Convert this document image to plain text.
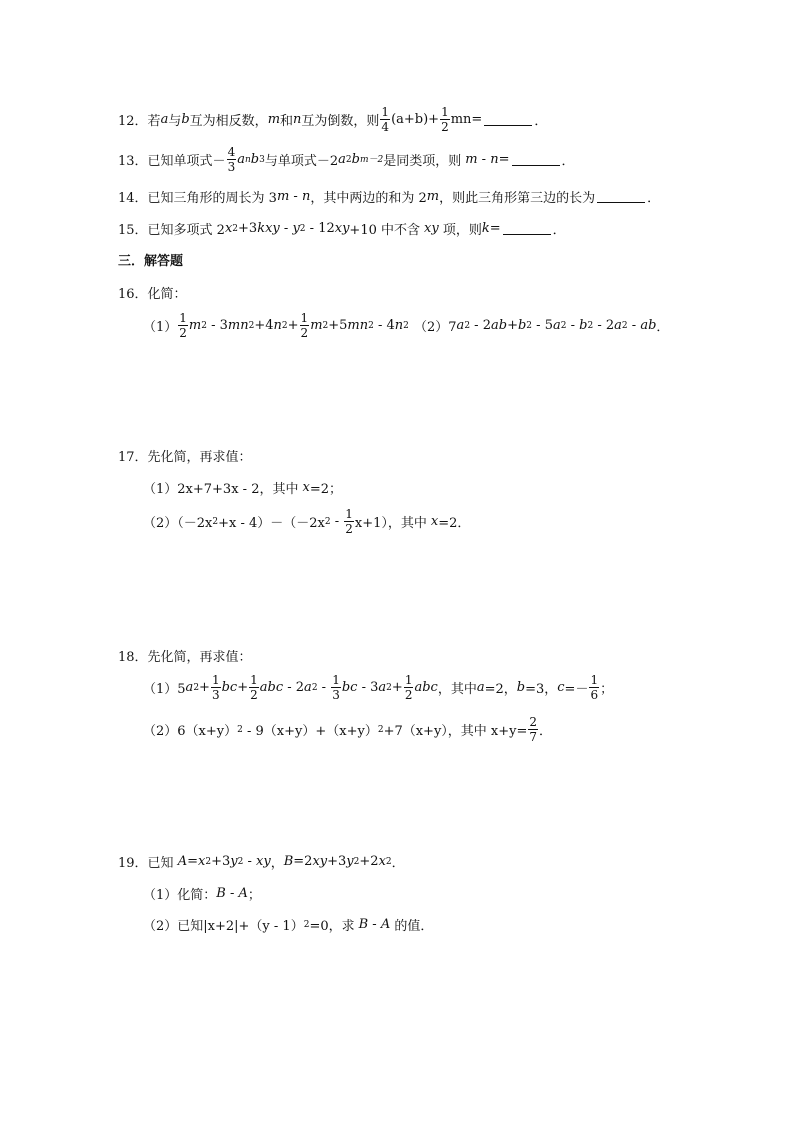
12． 若 a 与 b 互为相反数， m 和 n 互为倒数，则 $\frac{1}{4} (a+b)+ \frac{1}{2} mn=$	．
13． 已知单项式－ $\frac{4}{3}$ a n b 3 与单项式－2 a 2 b m－2 是同类项，则 m - n =	．
14． 已知三角形的周长为 3 m - n ，其中两边的和为 2 m ，则此三角形第三边的长为	．
15． 已知多项式 2 x 2 +3 kxy - y 2 - 12 xy +10 中不含 xy 项，则 k =	．
三．解答题
16．化简：
$(1) \frac{1}{2}$ m 2 - 3 mn 2 +4 n $2 + \frac{1}{2}$ m 2 +5 mn 2 - 4 n 2 （2）7 a 2 - 2 ab + b 2 - 5 a 2 - b 2 - 2 a 2 - ab ．
17．先化简，再求值：
（1）2x+7+3x - 2，其中 x =2；
（2）（－2x 2 +x - 4）－（－2x $2 - \frac{1}{2} x+1$），其中 x =2．
18．先化简，再求值：
（1）5 a $2 + \frac{1}{3}$ bc + $\frac{1}{2}$ abc - 2 a $2 - \frac{1}{3}$ bc - 3 a $2 + \frac{1}{2}$ abc ，其中 a =2， b =3， $c =- \frac{1}{6}$ ；
（2）6（x+y） 2 - 9（x+y）+（x+y） 2 +7（x+y），其中 $x+y= \frac{2}{7}$ ．
19．已知 A = x 2 +3 y 2 - xy ， B =2 xy +3 y 2 +2 x 2 ．
（1）化简： B - A ；
（2）已知|x+2|+（y - 1） 2 =0，求 B - A 的值．
